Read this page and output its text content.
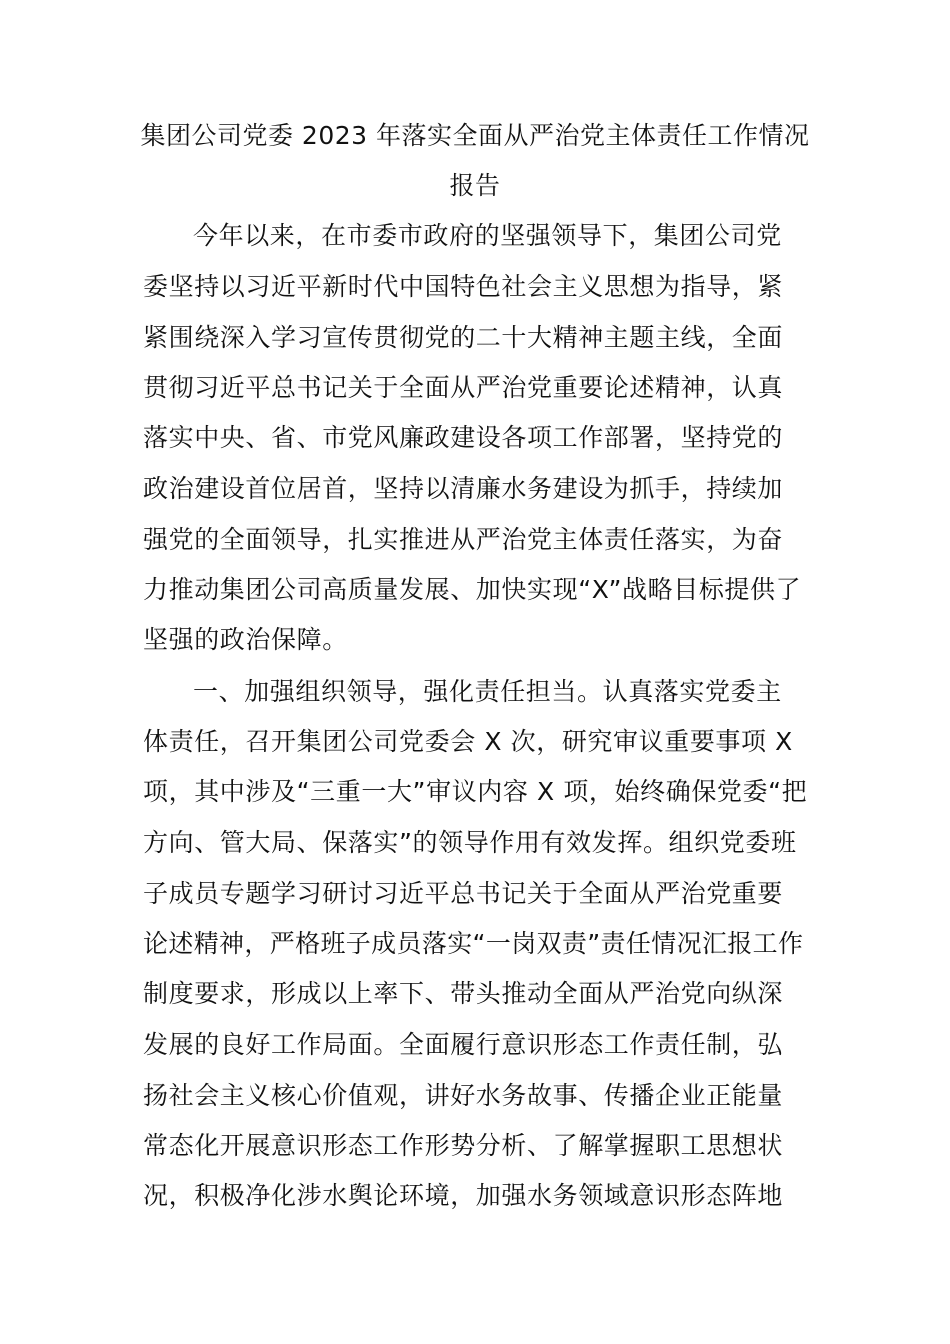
集团公司党委 2023 年落实全面从严治党主体责任工作情况
报告
今年以来，在市委市政府的坚强领导下，集团公司党
委坚持以习近平新时代中国特色社会主义思想为指导，紧
紧围绕深入学习宣传贯彻党的二十大精神主题主线，全面
贯彻习近平总书记关于全面从严治党重要论述精神，认真
落实中央、省、市党风廉政建设各项工作部署，坚持党的
政治建设首位居首，坚持以清廉水务建设为抓手，持续加
强党的全面领导，扎实推进从严治党主体责任落实，为奋
力推动集团公司高质量发展、加快实现“X”战略目标提供了
坚强的政治保障。
一、加强组织领导，强化责任担当。认真落实党委主
体责任，召开集团公司党委会 X 次，研究审议重要事项 X
项，其中涉及“三重一大”审议内容 X 项，始终确保党委“把
方向、管大局、保落实”的领导作用有效发挥。组织党委班
子成员专题学习研讨习近平总书记关于全面从严治党重要
论述精神，严格班子成员落实“一岗双责”责任情况汇报工作
制度要求，形成以上率下、带头推动全面从严治党向纵深
发展的良好工作局面。全面履行意识形态工作责任制，弘
扬社会主义核心价值观，讲好水务故事、传播企业正能量
常态化开展意识形态工作形势分析、了解掌握职工思想状
况，积极净化涉水舆论环境，加强水务领域意识形态阵地
